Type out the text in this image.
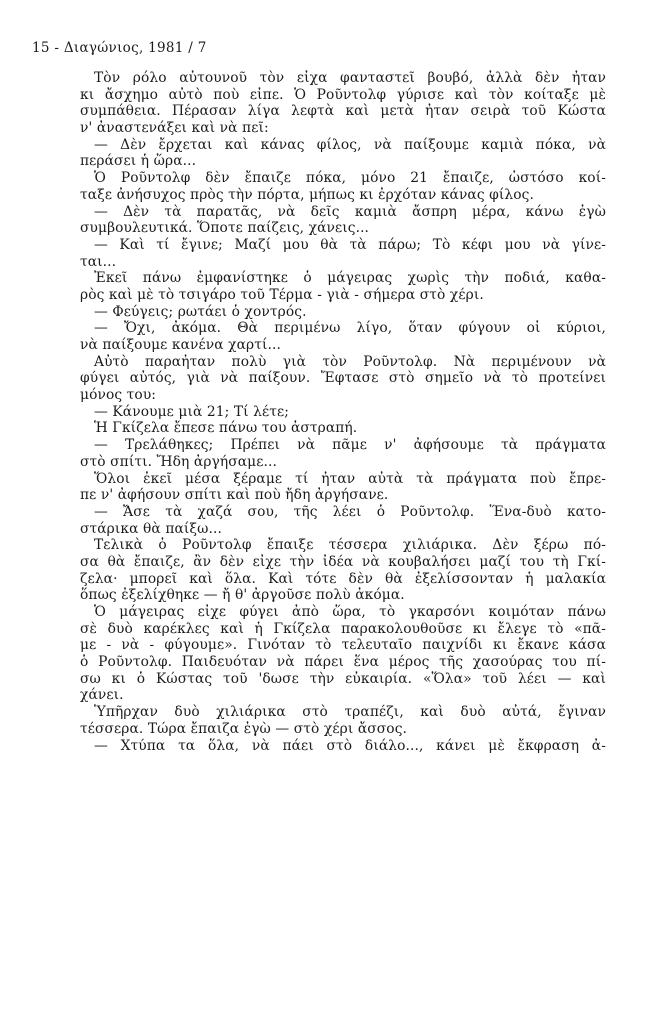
15 - Διαγώνιος, 1981 / 7
Τὸν ρόλο αὐτουνοῦ τὸν εἶχα φανταστεῖ βουβό, ἀλλὰ δὲν ἦταν
κι ἄσχημο αὐτὸ ποὺ εἶπε. Ὁ Ροῦντολφ γύρισε καὶ τὸν κοίταξε μὲ
συμπάθεια. Πέρασαν λίγα λεφτὰ καὶ μετὰ ἦταν σειρὰ τοῦ Κώστα
ν' ἀναστενάξει καὶ νὰ πεῖ:
— Δὲν ἔρχεται καὶ κάνας φίλος, νὰ παίξουμε καμιὰ πόκα, νὰ
περάσει ἡ ὥρα...
Ὁ Ροῦντολφ δὲν ἔπαιζε πόκα, μόνο 21 ἔπαιζε, ὡστόσο κοί-
ταξε ἀνήσυχος πρὸς τὴν πόρτα, μήπως κι ἐρχόταν κάνας φίλος.
— Δὲν τὰ παρατᾶς, νὰ δεῖς καμιὰ ἄσπρη μέρα, κάνω ἐγὼ
συμβουλευτικά. Ὅποτε παίζεις, χάνεις...
— Καὶ τί ἔγινε; Μαζί μου θὰ τὰ πάρω; Τὸ κέφι μου νὰ γίνε-
ται...
Ἐκεῖ πάνω ἐμφανίστηκε ὁ μάγειρας χωρὶς τὴν ποδιά, καθα-
ρὸς καὶ μὲ τὸ τσιγάρο τοῦ Τέρμα - γιὰ - σήμερα στὸ χέρι.
— Φεύγεις; ρωτάει ὁ χοντρός.
— Ὄχι, ἀκόμα. Θὰ περιμένω λίγο, ὅταν φύγουν οἱ κύριοι,
νὰ παίξουμε κανένα χαρτί...
Αὐτὸ παραἦταν πολὺ γιὰ τὸν Ροῦντολφ. Νὰ περιμένουν νὰ
φύγει αὐτός, γιὰ νὰ παίξουν. Ἔφτασε στὸ σημεῖο νὰ τὸ προτείνει
μόνος του:
— Κάνουμε μιὰ 21; Τί λέτε;
Ἡ Γκίζελα ἔπεσε πάνω του ἀστραπή.
— Τρελάθηκες; Πρέπει νὰ πᾶμε ν' ἀφήσουμε τὰ πράγματα
στὸ σπίτι. Ἤδη ἀργήσαμε...
Ὅλοι ἐκεῖ μέσα ξέραμε τί ἦταν αὐτὰ τὰ πράγματα ποὺ ἔπρε-
πε ν' ἀφήσουν σπίτι καὶ ποὺ ἤδη ἀργήσανε.
— Ἄσε τὰ χαζά σου, τῆς λέει ὁ Ροῦντολφ. Ἕνα-δυὸ κατο-
στάρικα θὰ παίξω...
Τελικὰ ὁ Ροῦντολφ ἔπαιξε τέσσερα χιλιάρικα. Δὲν ξέρω πό-
σα θὰ ἔπαιζε, ἂν δὲν εἶχε τὴν ἰδέα νὰ κουβαλήσει μαζί του τὴ Γκί-
ζελα· μπορεῖ καὶ ὅλα. Καὶ τότε δὲν θὰ ἐξελίσσονταν ἡ μαλακία
ὅπως ἐξελίχθηκε — ἤ θ' ἀργοῦσε πολὺ ἀκόμα.
Ὁ μάγειρας εἶχε φύγει ἀπὸ ὥρα, τὸ γκαρσόνι κοιμόταν πάνω
σὲ δυὸ καρέκλες καὶ ἡ Γκίζελα παρακολουθοῦσε κι ἔλεγε τὸ «πᾶ-
με - νὰ - φύγουμε». Γινόταν τὸ τελευταῖο παιχνίδι κι ἔκανε κάσα
ὁ Ροῦντολφ. Παιδευόταν νὰ πάρει ἕνα μέρος τῆς χασούρας του πί-
σω κι ὁ Κώστας τοῦ 'δωσε τὴν εὐκαιρία. «Ὅλα» τοῦ λέει — καὶ
χάνει.
Ὑπῆρχαν δυὸ χιλιάρικα στὸ τραπέζι, καὶ δυὸ αὐτά, ἔγιναν
τέσσερα. Τώρα ἔπαιζα ἐγὼ — στὸ χέρι ἄσσος.
— Χτύπα τα ὅλα, νὰ πάει στὸ διάλο..., κάνει μὲ ἔκφραση ἀ-
